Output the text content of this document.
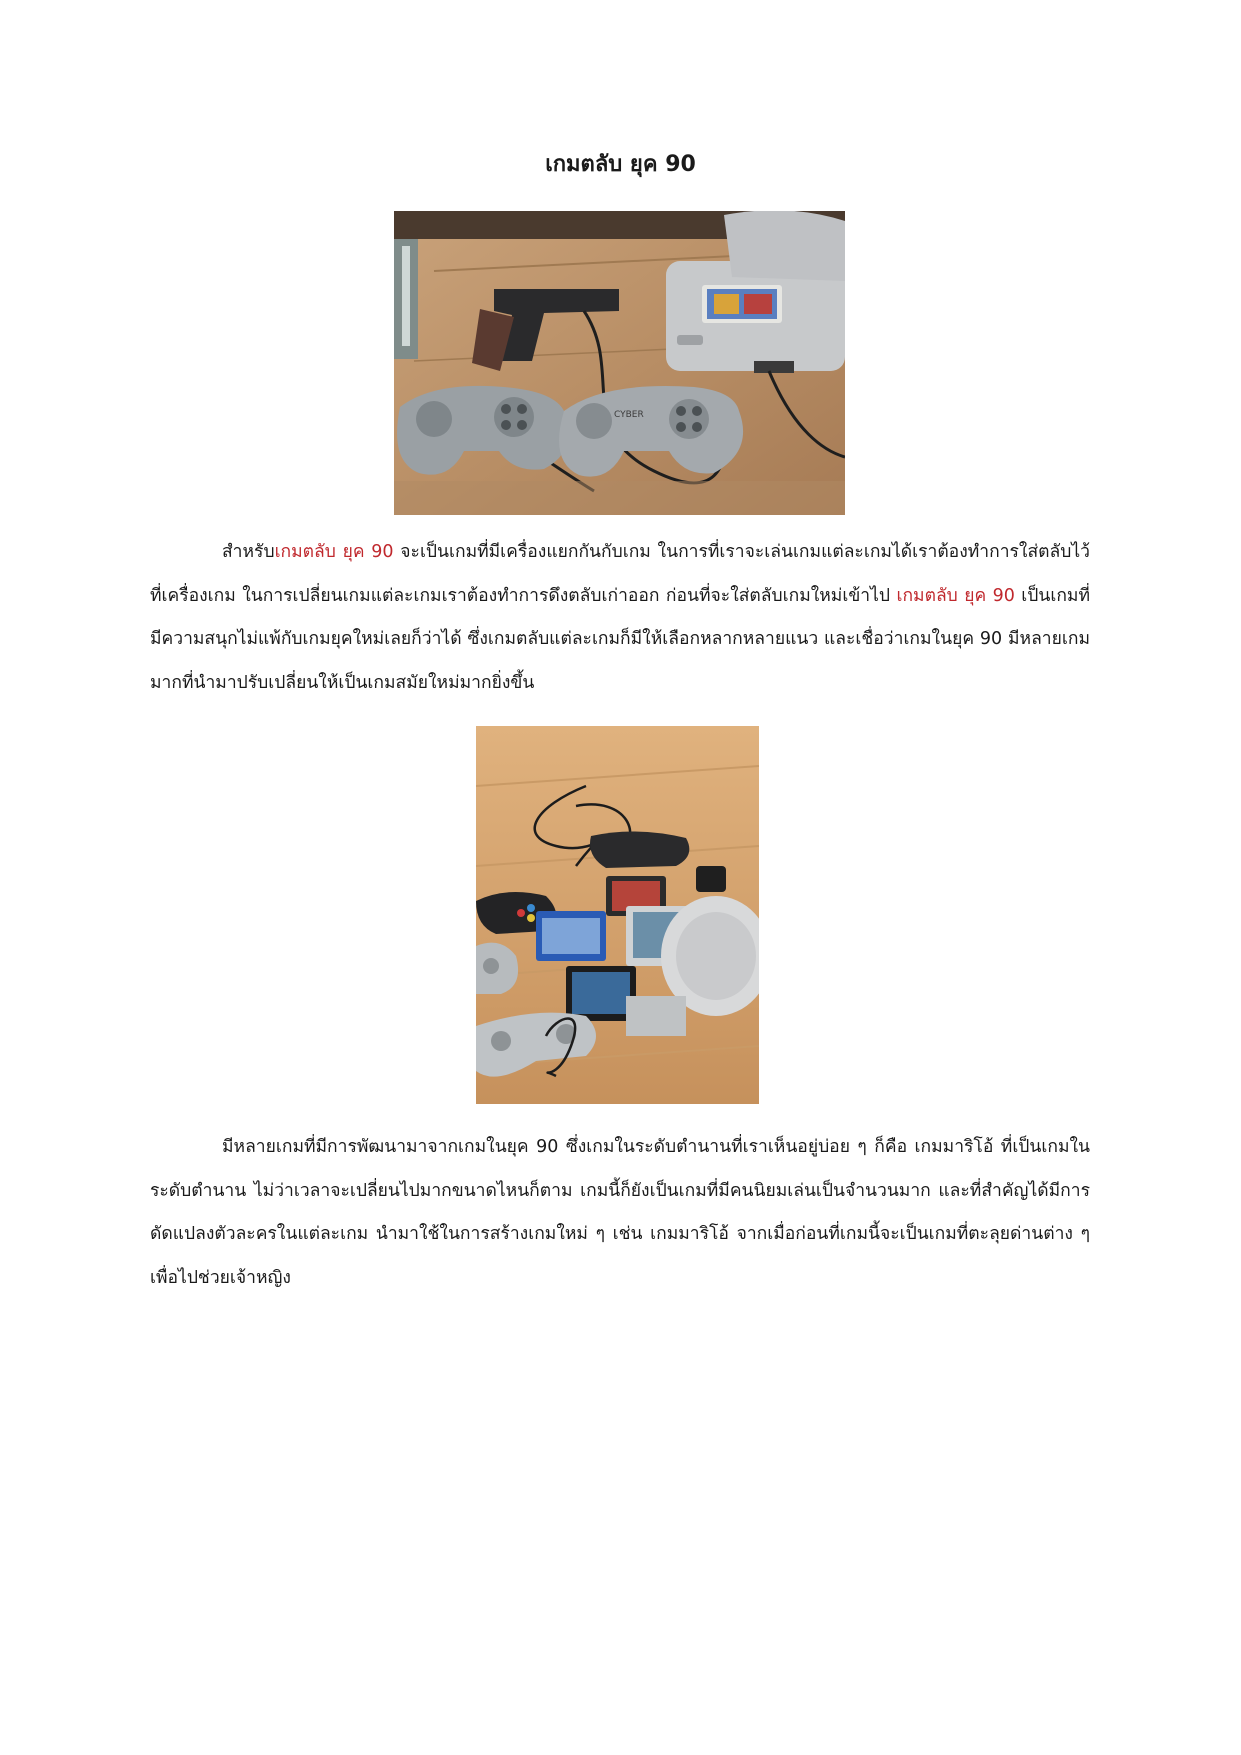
เกมตลับ ยุค 90
CYBER

สำหรับเกมตลับ ยุค 90 จะเป็นเกมที่มีเครื่องแยกกันกับเกม ในการที่เราจะเล่นเกมแต่ละเกมได้เราต้องทำการใส่ตลับไว้ที่เครื่องเกม ในการเปลี่ยนเกมแต่ละเกมเราต้องทำการดึงตลับเก่าออก ก่อนที่จะใส่ตลับเกมใหม่เข้าไป เกมตลับ ยุค 90 เป็นเกมที่มีความสนุกไม่แพ้กับเกมยุคใหม่เลยก็ว่าได้ ซึ่งเกมตลับแต่ละเกมก็มีให้เลือกหลากหลายแนว และเชื่อว่าเกมในยุค 90 มีหลายเกมมากที่นำมาปรับเปลี่ยนให้เป็นเกมสมัยใหม่มากยิ่งขึ้น

มีหลายเกมที่มีการพัฒนามาจากเกมในยุค 90 ซึ่งเกมในระดับตำนานที่เราเห็นอยู่บ่อย ๆ ก็คือ เกมมาริโอ้ ที่เป็นเกมในระดับตำนาน ไม่ว่าเวลาจะเปลี่ยนไปมากขนาดไหนก็ตาม เกมนี้ก็ยังเป็นเกมที่มีคนนิยมเล่นเป็นจำนวนมาก และที่สำคัญได้มีการดัดแปลงตัวละครในแต่ละเกม นำมาใช้ในการสร้างเกมใหม่ ๆ เช่น เกมมาริโอ้ จากเมื่อก่อนที่เกมนี้จะเป็นเกมที่ตะลุยด่านต่าง ๆ เพื่อไปช่วยเจ้าหญิง
